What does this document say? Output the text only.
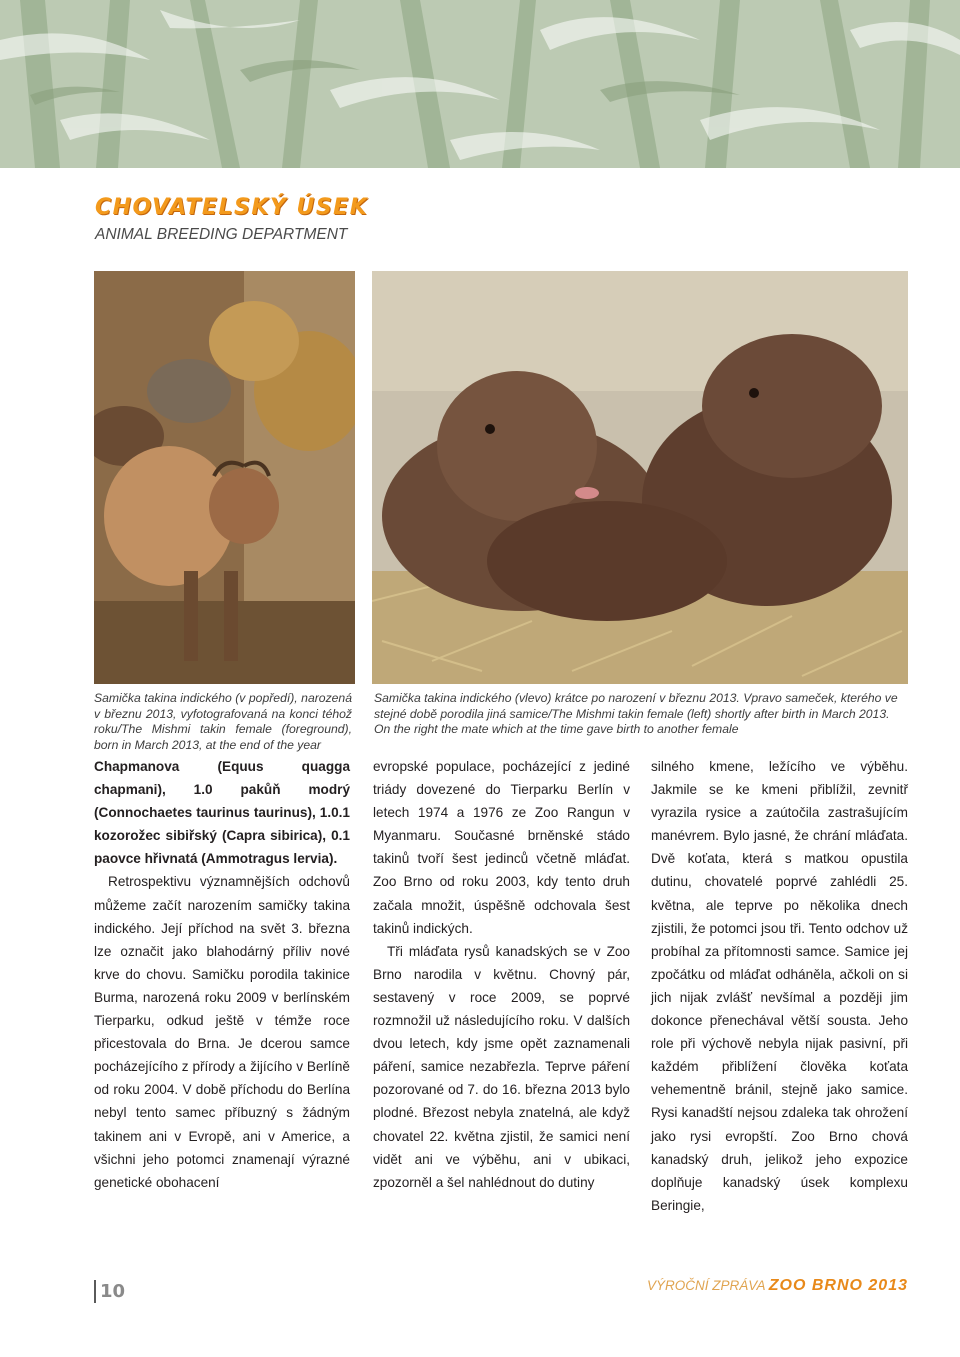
CHOVATELSKÝ ÚSEK
ANIMAL BREEDING DEPARTMENT
Samička takina indického (v popředí), narozená v březnu 2013, vyfotografovaná na konci téhož roku/The Mishmi takin female (foreground), born in March 2013, at the end of the year
Samička takina indického (vlevo) krátce po narození v březnu 2013. Vpravo sameček, kterého ve stejné době porodila jiná samice/The Mishmi takin female (left) shortly after birth in March 2013. On the right the mate which at the time gave birth to another female

Chapmanova (Equus quagga chapmani), 1.0 pakůň modrý (Connochaetes taurinus taurinus), 1.0.1 kozorožec sibiřský (Capra sibirica), 0.1 paovce hřivnatá (Ammotragus lervia).

Retrospektivu významnějších odchovů můžeme začít narozením samičky takina indického. Její příchod na svět 3. března lze označit jako blahodárný příliv nové krve do chovu. Samičku porodila takinice Burma, narozená roku 2009 v berlínském Tierparku, odkud ještě v témže roce přicestovala do Brna. Je dcerou samce pocházejícího z přírody a žijícího v Berlíně od roku 2004. V době příchodu do Berlína nebyl tento samec příbuzný s žádným takinem ani v Evropě, ani v Americe, a všichni jeho potomci znamenají výrazné genetické obohacení

evropské populace, pocházející z jediné triády dovezené do Tierparku Berlín v letech 1974 a 1976 ze Zoo Rangun v Myanmaru. Současné brněnské stádo takinů tvoří šest jedinců včetně mláďat. Zoo Brno od roku 2003, kdy tento druh začala množit, úspěšně odchovala šest takinů indických.

Tři mláďata rysů kanadských se v Zoo Brno narodila v květnu. Chovný pár, sestavený v roce 2009, se poprvé rozmnožil už následujícího roku. V dalších dvou letech, kdy jsme opět zaznamenali páření, samice nezabřezla. Teprve páření pozorované od 7. do 16. března 2013 bylo plodné. Březost nebyla znatelná, ale když chovatel 22. května zjistil, že samici není vidět ani ve výběhu, ani v ubikaci, zpozorněl a šel nahlédnout do dutiny

silného kmene, ležícího ve výběhu. Jakmile se ke kmeni přiblížil, zevnitř vyrazila rysice a zaútočila zastrašujícím manévrem. Bylo jasné, že chrání mláďata. Dvě koťata, která s matkou opustila dutinu, chovatelé poprvé zahlédli 25. května, ale teprve po několika dnech zjistili, že potomci jsou tři. Tento odchov už probíhal za přítomnosti samce. Samice jej zpočátku od mláďat odháněla, ačkoli on si jich nijak zvlášť nevšímal a později jim dokonce přenechával větší sousta. Jeho role při výchově nebyla nijak pasivní, při každém přiblížení člověka koťata vehementně bránil, stejně jako samice. Rysi kanadští nejsou zdaleka tak ohrožení jako rysi evropští. Zoo Brno chová kanadský druh, jelikož jeho expozice doplňuje kanadský úsek komplexu Beringie,

10	VÝROČNÍ ZPRÁVA ZOO BRNO 2013
